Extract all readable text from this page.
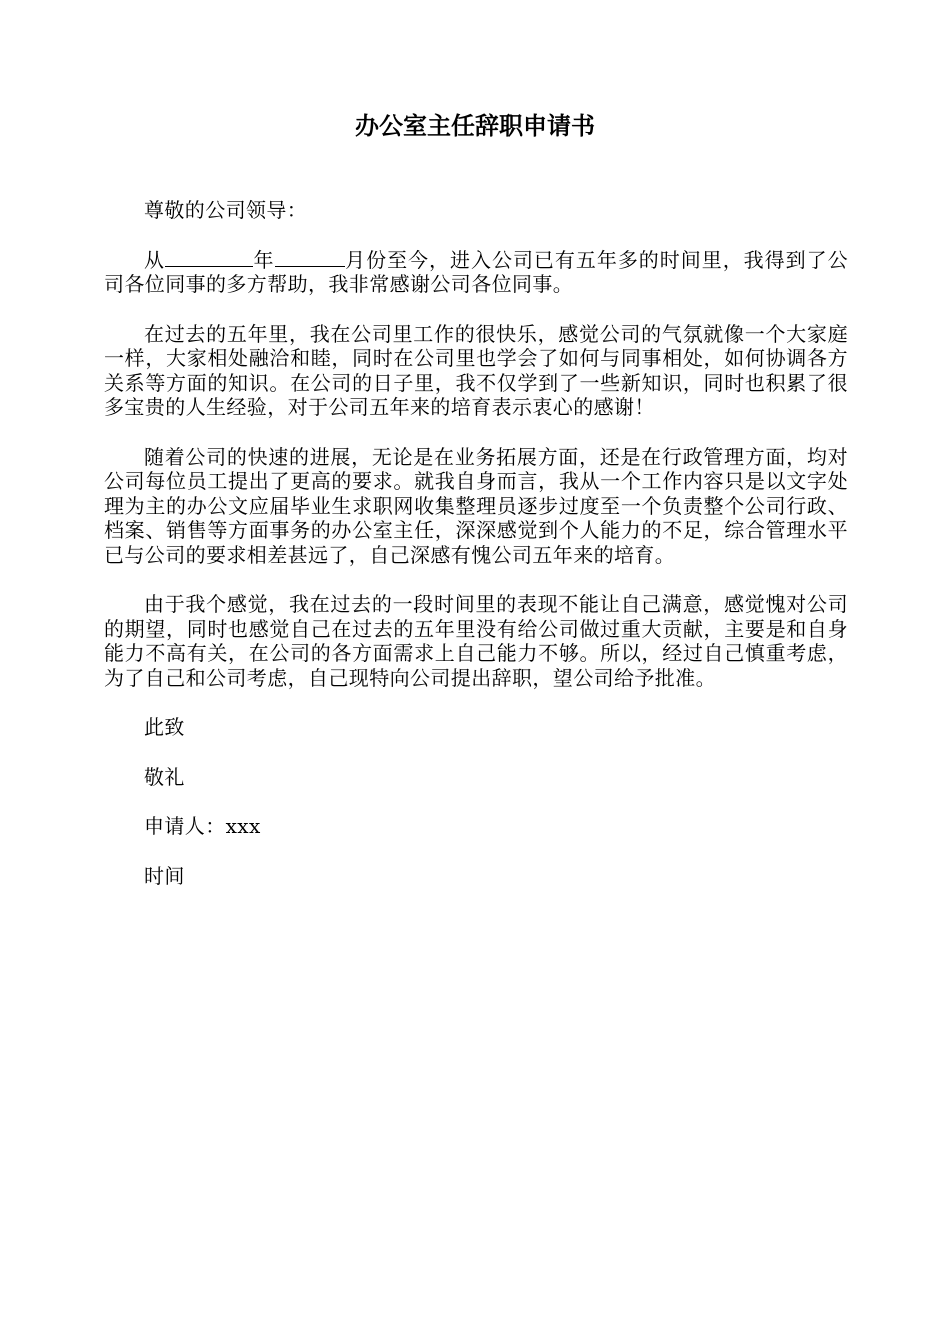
办公室主任辞职申请书

尊敬的公司领导：

从	年	月份至今，进入公司已有五年多的时间里，我得到了公司各位同事的多方帮助，我非常感谢公司各位同事。

在过去的五年里，我在公司里工作的很快乐，感觉公司的气氛就像一个大家庭一样，大家相处融洽和睦，同时在公司里也学会了如何与同事相处，如何协调各方关系等方面的知识。在公司的日子里，我不仅学到了一些新知识，同时也积累了很多宝贵的人生经验，对于公司五年来的培育表示衷心的感谢！

随着公司的快速的进展，无论是在业务拓展方面，还是在行政管理方面，均对公司每位员工提出了更高的要求。就我自身而言，我从一个工作内容只是以文字处理为主的办公文应届毕业生求职网收集整理员逐步过度至一个负责整个公司行政、档案、销售等方面事务的办公室主任，深深感觉到个人能力的不足，综合管理水平已与公司的要求相差甚远了，自己深感有愧公司五年来的培育。

由于我个感觉，我在过去的一段时间里的表现不能让自己满意，感觉愧对公司的期望，同时也感觉自己在过去的五年里没有给公司做过重大贡献，主要是和自身能力不高有关，在公司的各方面需求上自己能力不够。所以，经过自己慎重考虑，为了自己和公司考虑，自己现特向公司提出辞职，望公司给予批准。

此致

敬礼

申请人：xxx

时间
